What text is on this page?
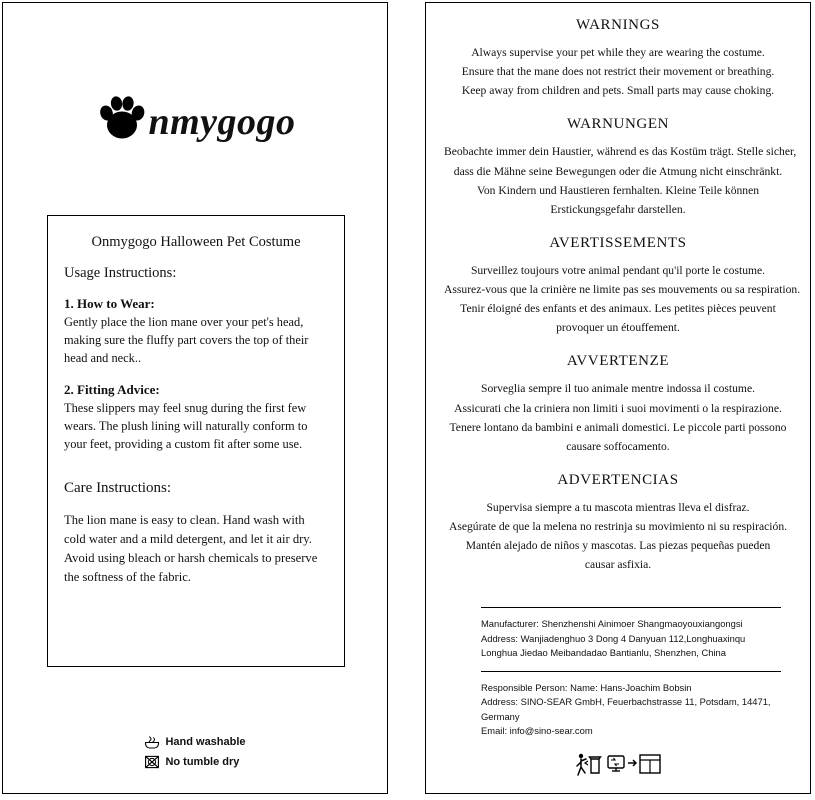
nmygogo
Onmygogo Halloween Pet Costume
Usage Instructions:

1. How to Wear:

Gently place the lion mane over your pet's head, making sure the fluffy part covers the top of their head and neck..

2. Fitting Advice:

These slippers may feel snug during the first few wears. The plush lining will naturally conform to your feet, providing a custom fit after some use.

Care Instructions:

The lion mane is easy to clean. Hand wash with cold water and a mild detergent, and let it air dry. Avoid using bleach or harsh chemicals to preserve the softness of the fabric.

Hand washable
No tumble dry
WARNINGS
Always supervise your pet while they are wearing the costume.
Ensure that the mane does not restrict their movement or breathing.
Keep away from children and pets. Small parts may cause choking.
WARNUNGEN
Beobachte immer dein Haustier, während es das Kostüm trägt. Stelle sicher,
dass die Mähne seine Bewegungen oder die Atmung nicht einschränkt.
Von Kindern und Haustieren fernhalten. Kleine Teile können
Erstickungsgefahr darstellen.
AVERTISSEMENTS
Surveillez toujours votre animal pendant qu'il porte le costume.
Assurez-vous que la crinière ne limite pas ses mouvements ou sa respiration.
Tenir éloigné des enfants et des animaux. Les petites pièces peuvent
provoquer un étouffement.
AVVERTENZE
Sorveglia sempre il tuo animale mentre indossa il costume.
Assicurati che la criniera non limiti i suoi movimenti o la respirazione.
Tenere lontano da bambini e animali domestici. Le piccole parti possono
causare soffocamento.
ADVERTENCIAS
Supervisa siempre a tu mascota mientras lleva el disfraz.
Asegúrate de que la melena no restrinja su movimiento ni su respiración.
Mantén alejado de niños y mascotas. Las piezas pequeñas pueden
causar asfixia.
Manufacturer: Shenzhenshi Ainimoer Shangmaoyouxiangongsi
Address: Wanjiadenghuo 3 Dong 4 Danyuan 112,Longhuaxinqu
Longhua Jiedao Meibandadao Bantianlu, Shenzhen, China
Responsible Person: Name: Hans-Joachim Bobsin
Address: SINO-SEAR GmbH, Feuerbachstrasse 11, Potsdam, 14471,
Germany
Email: info@sino-sear.com
